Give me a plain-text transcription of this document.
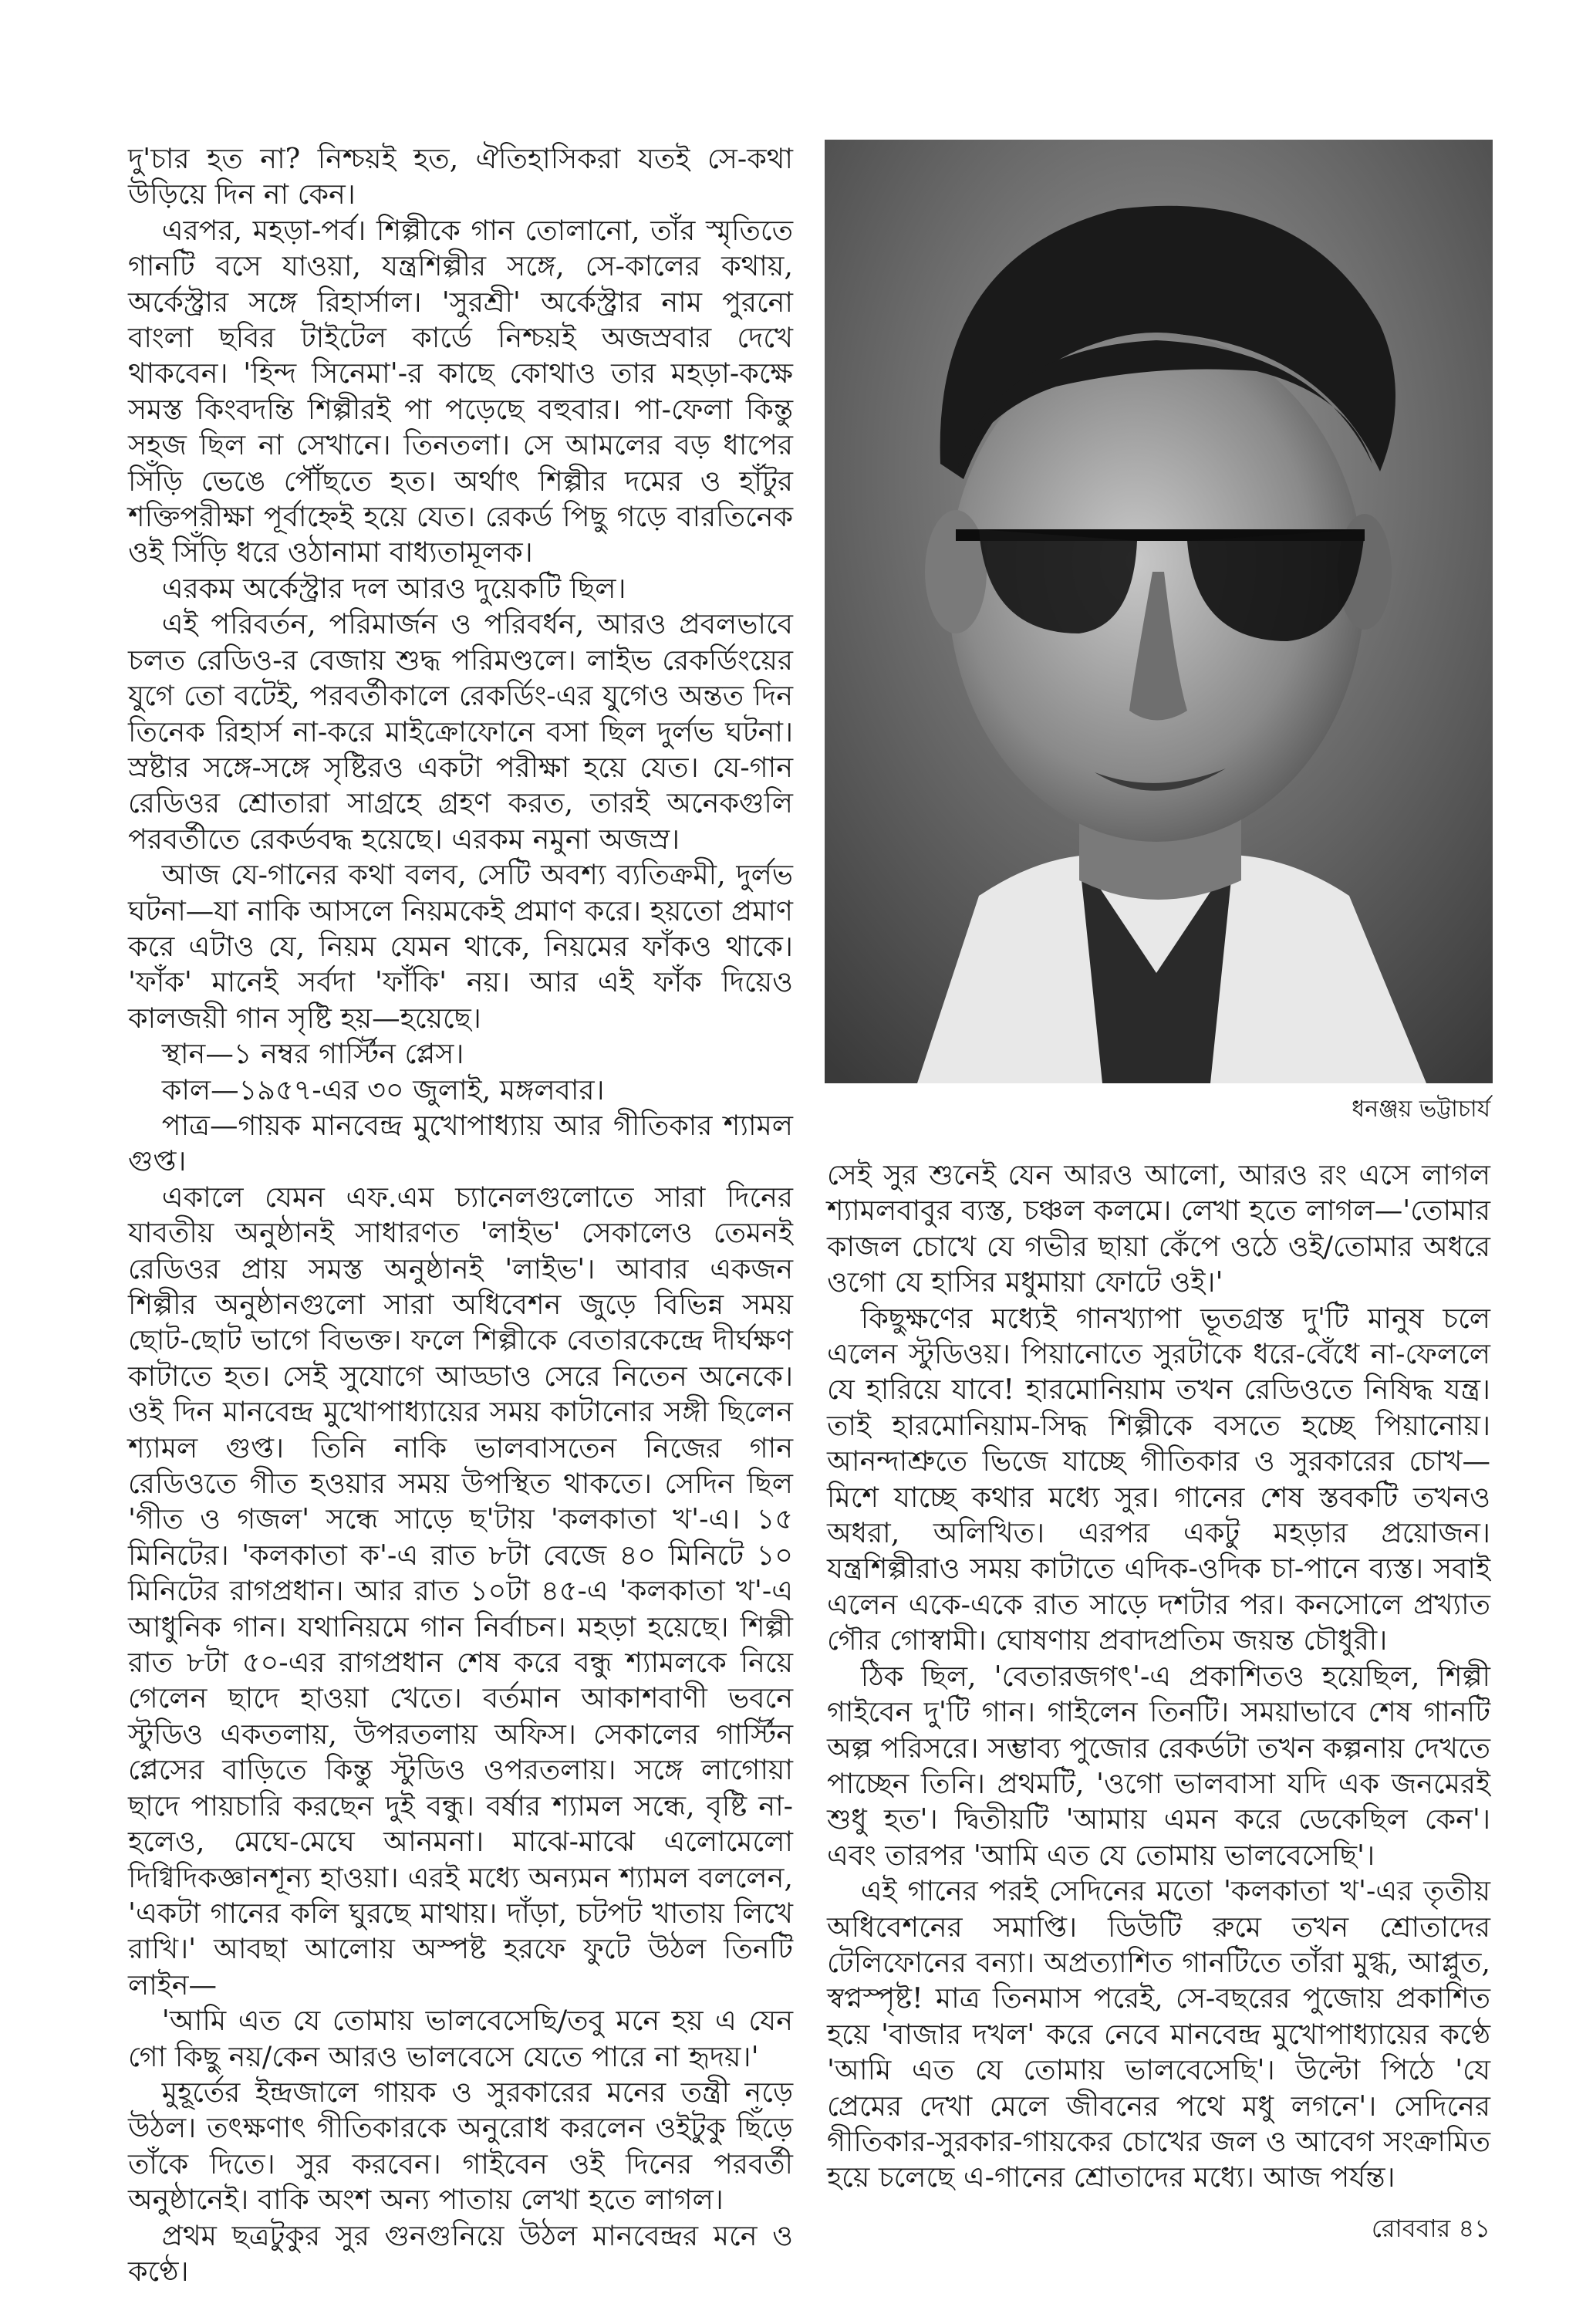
দু'চার হত না? নিশ্চয়ই হত, ঐতিহাসিকরা যতই সে-কথা উড়িয়ে দিন না কেন।

এরপর, মহড়া-পর্ব। শিল্পীকে গান তোলানো, তাঁর স্মৃতিতে গানটি বসে যাওয়া, যন্ত্রশিল্পীর সঙ্গে, সে-কালের কথায়, অর্কেস্ট্রার সঙ্গে রিহার্সাল। 'সুরশ্রী' অর্কেস্ট্রার নাম পুরনো বাংলা ছবির টাইটেল কার্ডে নিশ্চয়ই অজস্রবার দেখে থাকবেন। 'হিন্দ সিনেমা'-র কাছে কোথাও তার মহড়া-কক্ষে সমস্ত কিংবদন্তি শিল্পীরই পা পড়েছে বহুবার। পা-ফেলা কিন্তু সহজ ছিল না সেখানে। তিনতলা। সে আমলের বড় ধাপের সিঁড়ি ভেঙে পৌঁছতে হত। অর্থাৎ শিল্পীর দমের ও হাঁটুর শক্তিপরীক্ষা পূর্বাহ্নেই হয়ে যেত। রেকর্ড পিছু গড়ে বারতিনেক ওই সিঁড়ি ধরে ওঠানামা বাধ্যতামূলক।

এরকম অর্কেস্ট্রার দল আরও দুয়েকটি ছিল।

এই পরিবর্তন, পরিমার্জন ও পরিবর্ধন, আরও প্রবলভাবে চলত রেডিও-র বেজায় শুদ্ধ পরিমণ্ডলে। লাইভ রেকর্ডিংয়ের যুগে তো বটেই, পরবর্তীকালে রেকর্ডিং-এর যুগেও অন্তত দিন তিনেক রিহার্স না-করে মাইক্রোফোনে বসা ছিল দুর্লভ ঘটনা। স্রষ্টার সঙ্গে-সঙ্গে সৃষ্টিরও একটা পরীক্ষা হয়ে যেত। যে-গান রেডিওর শ্রোতারা সাগ্রহে গ্রহণ করত, তারই অনেকগুলি পরবর্তীতে রেকর্ডবদ্ধ হয়েছে। এরকম নমুনা অজস্র।

আজ যে-গানের কথা বলব, সেটি অবশ্য ব্যতিক্রমী, দুর্লভ ঘটনা—যা নাকি আসলে নিয়মকেই প্রমাণ করে। হয়তো প্রমাণ করে এটাও যে, নিয়ম যেমন থাকে, নিয়মের ফাঁকও থাকে। 'ফাঁক' মানেই সর্বদা 'ফাঁকি' নয়। আর এই ফাঁক দিয়েও কালজয়ী গান সৃষ্টি হয়—হয়েছে।

স্থান—১ নম্বর গার্স্টিন প্লেস।

কাল—১৯৫৭-এর ৩০ জুলাই, মঙ্গলবার।

পাত্র—গায়ক মানবেন্দ্র মুখোপাধ্যায় আর গীতিকার শ্যামল গুপ্ত।

একালে যেমন এফ.এম চ্যানেলগুলোতে সারা দিনের যাবতীয় অনুষ্ঠানই সাধারণত 'লাইভ' সেকালেও তেমনই রেডিওর প্রায় সমস্ত অনুষ্ঠানই 'লাইভ'। আবার একজন শিল্পীর অনুষ্ঠানগুলো সারা অধিবেশন জুড়ে বিভিন্ন সময় ছোট-ছোট ভাগে বিভক্ত। ফলে শিল্পীকে বেতারকেন্দ্রে দীর্ঘক্ষণ কাটাতে হত। সেই সুযোগে আড্ডাও সেরে নিতেন অনেকে। ওই দিন মানবেন্দ্র মুখোপাধ্যায়ের সময় কাটানোর সঙ্গী ছিলেন শ্যামল গুপ্ত। তিনি নাকি ভালবাসতেন নিজের গান রেডিওতে গীত হওয়ার সময় উপস্থিত থাকতে। সেদিন ছিল 'গীত ও গজল' সন্ধে সাড়ে ছ'টায় 'কলকাতা খ'-এ। ১৫ মিনিটের। 'কলকাতা ক'-এ রাত ৮টা বেজে ৪০ মিনিটে ১০ মিনিটের রাগপ্রধান। আর রাত ১০টা ৪৫-এ 'কলকাতা খ'-এ আধুনিক গান। যথানিয়মে গান নির্বাচন। মহড়া হয়েছে। শিল্পী রাত ৮টা ৫০-এর রাগপ্রধান শেষ করে বন্ধু শ্যামলকে নিয়ে গেলেন ছাদে হাওয়া খেতে। বর্তমান আকাশবাণী ভবনে স্টুডিও একতলায়, উপরতলায় অফিস। সেকালের গার্স্টিন প্লেসের বাড়িতে কিন্তু স্টুডিও ওপরতলায়। সঙ্গে লাগোয়া ছাদে পায়চারি করছেন দুই বন্ধু। বর্ষার শ্যামল সন্ধে, বৃষ্টি না-হলেও, মেঘে-মেঘে আনমনা। মাঝে-মাঝে এলোমেলো দিগ্বিদিকজ্ঞানশূন্য হাওয়া। এরই মধ্যে অন্যমন শ্যামল বললেন, 'একটা গানের কলি ঘুরছে মাথায়। দাঁড়া, চটপট খাতায় লিখে রাখি।' আবছা আলোয় অস্পষ্ট হরফে ফুটে উঠল তিনটি লাইন—

'আমি এত যে তোমায় ভালবেসেছি/তবু মনে হয় এ যেন গো কিছু নয়/কেন আরও ভালবেসে যেতে পারে না হৃদয়।'

মুহূর্তের ইন্দ্রজালে গায়ক ও সুরকারের মনের তন্ত্রী নড়ে উঠল। তৎক্ষণাৎ গীতিকারকে অনুরোধ করলেন ওইটুকু ছিঁড়ে তাঁকে দিতে। সুর করবেন। গাইবেন ওই দিনের পরবর্তী অনুষ্ঠানেই। বাকি অংশ অন্য পাতায় লেখা হতে লাগল।

প্রথম ছত্রটুকুর সুর গুনগুনিয়ে উঠল মানবেন্দ্রর মনে ও কণ্ঠে।

ধনঞ্জয় ভট্টাচার্য

সেই সুর শুনেই যেন আরও আলো, আরও রং এসে লাগল শ্যামলবাবুর ব্যস্ত, চঞ্চল কলমে। লেখা হতে লাগল—'তোমার কাজল চোখে যে গভীর ছায়া কেঁপে ওঠে ওই/তোমার অধরে ওগো যে হাসির মধুমায়া ফোটে ওই।'

কিছুক্ষণের মধ্যেই গানখ্যাপা ভূতগ্রস্ত দু'টি মানুষ চলে এলেন স্টুডিওয়। পিয়ানোতে সুরটাকে ধরে-বেঁধে না-ফেললে যে হারিয়ে যাবে! হারমোনিয়াম তখন রেডিওতে নিষিদ্ধ যন্ত্র। তাই হারমোনিয়াম-সিদ্ধ শিল্পীকে বসতে হচ্ছে পিয়ানোয়। আনন্দাশ্রুতে ভিজে যাচ্ছে গীতিকার ও সুরকারের চোখ—মিশে যাচ্ছে কথার মধ্যে সুর। গানের শেষ স্তবকটি তখনও অধরা, অলিখিত। এরপর একটু মহড়ার প্রয়োজন। যন্ত্রশিল্পীরাও সময় কাটাতে এদিক-ওদিক চা-পানে ব্যস্ত। সবাই এলেন একে-একে রাত সাড়ে দশটার পর। কনসোলে প্রখ্যাত গৌর গোস্বামী। ঘোষণায় প্রবাদপ্রতিম জয়ন্ত চৌধুরী।

ঠিক ছিল, 'বেতারজগৎ'-এ প্রকাশিতও হয়েছিল, শিল্পী গাইবেন দু'টি গান। গাইলেন তিনটি। সময়াভাবে শেষ গানটি অল্প পরিসরে। সম্ভাব্য পুজোর রেকর্ডটা তখন কল্পনায় দেখতে পাচ্ছেন তিনি। প্রথমটি, 'ওগো ভালবাসা যদি এক জনমেরই শুধু হত'। দ্বিতীয়টি 'আমায় এমন করে ডেকেছিল কেন'। এবং তারপর 'আমি এত যে তোমায় ভালবেসেছি'।

এই গানের পরই সেদিনের মতো 'কলকাতা খ'-এর তৃতীয় অধিবেশনের সমাপ্তি। ডিউটি রুমে তখন শ্রোতাদের টেলিফোনের বন্যা। অপ্রত্যাশিত গানটিতে তাঁরা মুগ্ধ, আপ্লুত, স্বপ্নস্পৃষ্ট! মাত্র তিনমাস পরেই, সে-বছরের পুজোয় প্রকাশিত হয়ে 'বাজার দখল' করে নেবে মানবেন্দ্র মুখোপাধ্যায়ের কণ্ঠে 'আমি এত যে তোমায় ভালবেসেছি'। উল্টো পিঠে 'যে প্রেমের দেখা মেলে জীবনের পথে মধু লগনে'। সেদিনের গীতিকার-সুরকার-গায়কের চোখের জল ও আবেগ সংক্রামিত হয়ে চলেছে এ-গানের শ্রোতাদের মধ্যে। আজ পর্যন্ত।

রোববার ৪১
